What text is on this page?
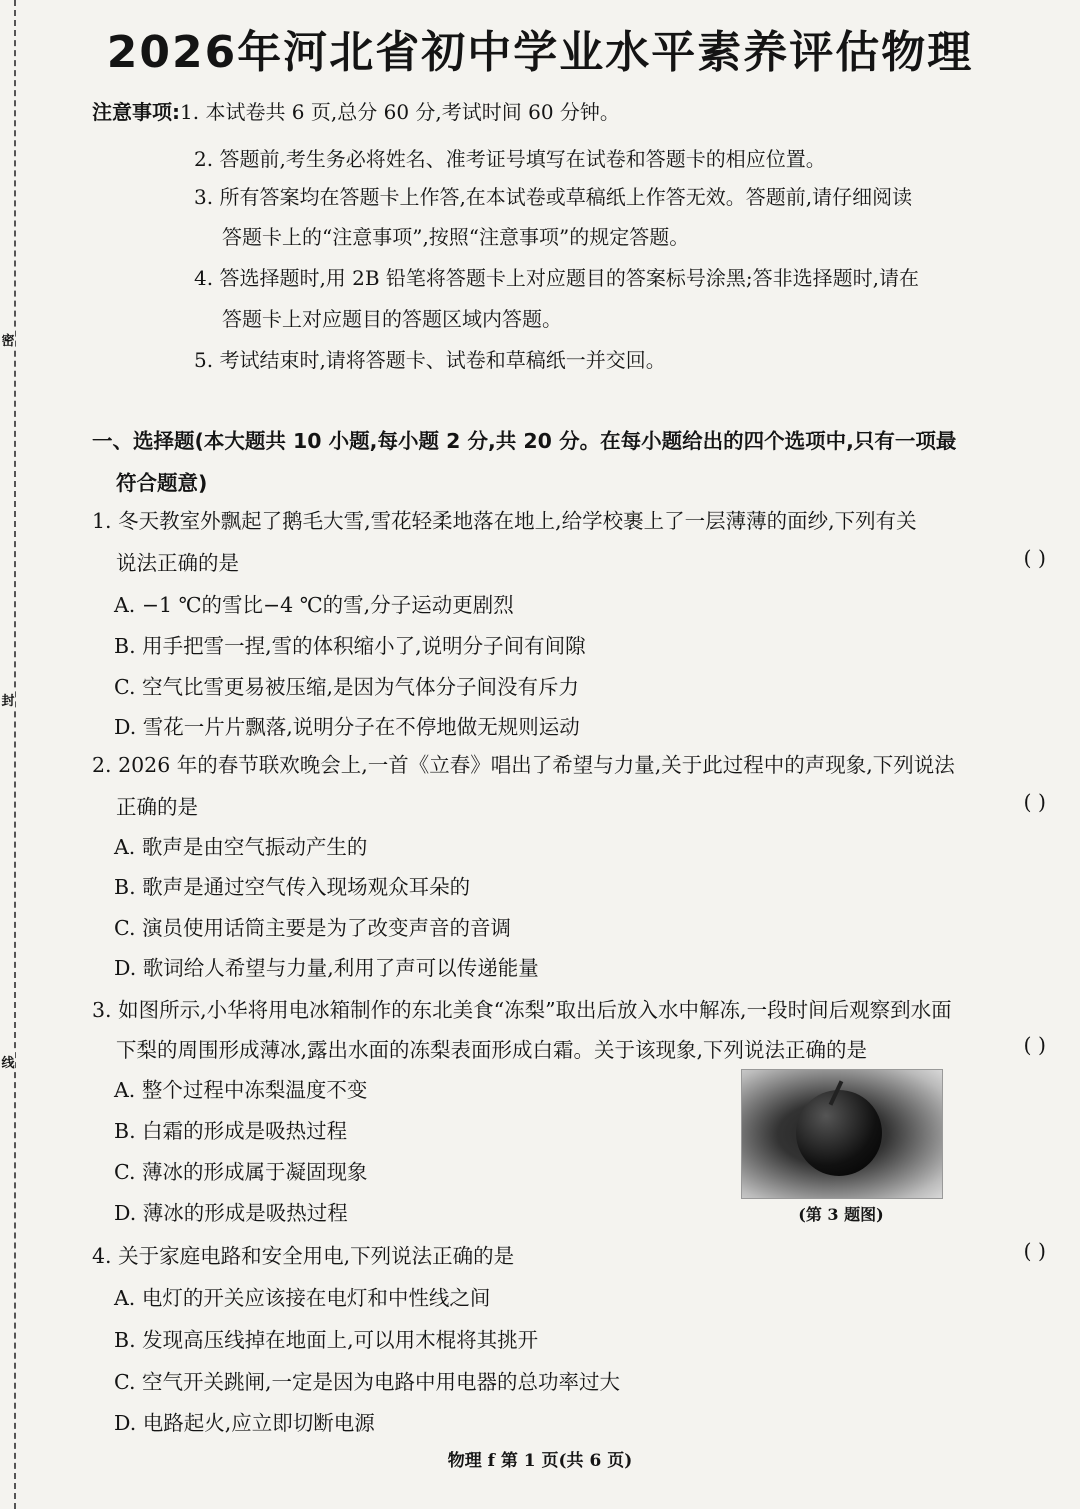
密
封
线
2026年河北省初中学业水平素养评估物理
注意事项:1. 本试卷共 6 页,总分 60 分,考试时间 60 分钟。
2. 答题前,考生务必将姓名、准考证号填写在试卷和答题卡的相应位置。
3. 所有答案均在答题卡上作答,在本试卷或草稿纸上作答无效。答题前,请仔细阅读
答题卡上的“注意事项”,按照“注意事项”的规定答题。
4. 答选择题时,用 2B 铅笔将答题卡上对应题目的答案标号涂黑;答非选择题时,请在
答题卡上对应题目的答题区域内答题。
5. 考试结束时,请将答题卡、试卷和草稿纸一并交回。
一、选择题(本大题共 10 小题,每小题 2 分,共 20 分。在每小题给出的四个选项中,只有一项最
符合题意)
1. 冬天教室外飘起了鹅毛大雪,雪花轻柔地落在地上,给学校裹上了一层薄薄的面纱,下列有关
说法正确的是	( )
A. −1 ℃的雪比−4 ℃的雪,分子运动更剧烈
B. 用手把雪一捏,雪的体积缩小了,说明分子间有间隙
C. 空气比雪更易被压缩,是因为气体分子间没有斥力
D. 雪花一片片飘落,说明分子在不停地做无规则运动
2. 2026 年的春节联欢晚会上,一首《立春》唱出了希望与力量,关于此过程中的声现象,下列说法
正确的是	( )
A. 歌声是由空气振动产生的
B. 歌声是通过空气传入现场观众耳朵的
C. 演员使用话筒主要是为了改变声音的音调
D. 歌词给人希望与力量,利用了声可以传递能量
3. 如图所示,小华将用电冰箱制作的东北美食“冻梨”取出后放入水中解冻,一段时间后观察到水面
下梨的周围形成薄冰,露出水面的冻梨表面形成白霜。关于该现象,下列说法正确的是	( )
A. 整个过程中冻梨温度不变
B. 白霜的形成是吸热过程
C. 薄冰的形成属于凝固现象
D. 薄冰的形成是吸热过程	(第 3 题图)
4. 关于家庭电路和安全用电,下列说法正确的是	( )
A. 电灯的开关应该接在电灯和中性线之间
B. 发现高压线掉在地面上,可以用木棍将其挑开
C. 空气开关跳闸,一定是因为电路中用电器的总功率过大
D. 电路起火,应立即切断电源
物理 f 第 1 页(共 6 页)
